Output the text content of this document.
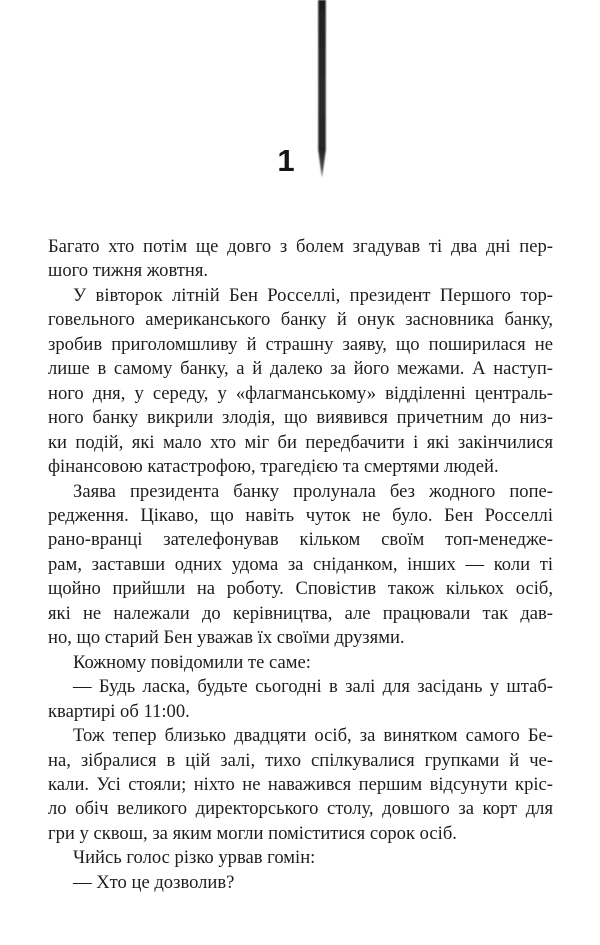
1
Багато хто потім ще довго з болем згадував ті два дні пер-
шого тижня жовтня.
У вівторок літній Бен Росселлі, президент Першого тор-
говельного американського банку й онук засновника банку,
зробив приголомшливу й страшну заяву, що поширилася не
лише в самому банку, а й далеко за його межами. А наступ-
ного дня, у середу, у «флагманському» відділенні централь-
ного банку викрили злодія, що виявився причетним до низ-
ки подій, які мало хто міг би передбачити і які закінчилися
фінансовою катастрофою, трагедією та смертями людей.
Заява президента банку пролунала без жодного попе-
редження. Цікаво, що навіть чуток не було. Бен Росселлі
рано-вранці зателефонував кільком своїм топ-менедже-
рам, заставши одних удома за сніданком, інших — коли ті
щойно прийшли на роботу. Сповістив також кількох осіб,
які не належали до керівництва, але працювали так дав-
но, що старий Бен уважав їх своїми друзями.
Кожному повідомили те саме:
— Будь ласка, будьте сьогодні в залі для засідань у штаб-
квартирі об 11:00.
Тож тепер близько двадцяти осіб, за винятком самого Бе-
на, зібралися в цій залі, тихо спілкувалися групками й че-
кали. Усі стояли; ніхто не наважився першим відсунути кріс-
ло обіч великого директорського столу, довшого за корт для
гри у сквош, за яким могли поміститися сорок осіб.
Чийсь голос різко урвав гомін:
— Хто це дозволив?
